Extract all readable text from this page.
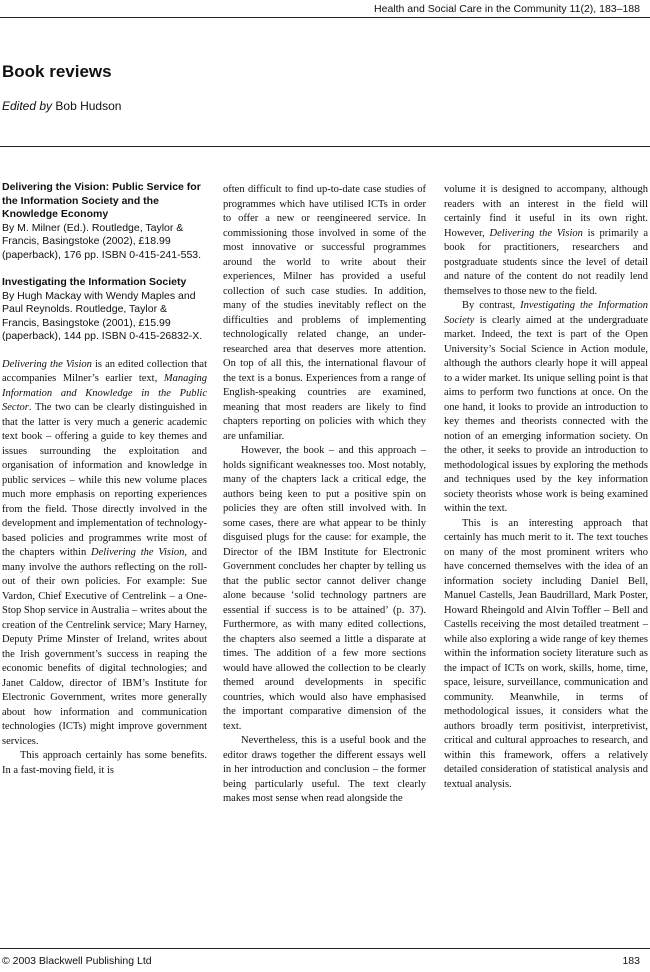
Health and Social Care in the Community 11(2), 183–188
Book reviews
Edited by Bob Hudson
Delivering the Vision: Public Service for the Information Society and the Knowledge Economy
By M. Milner (Ed.). Routledge, Taylor & Francis, Basingstoke (2002), £18.99 (paperback), 176 pp. ISBN 0-415-241-553.
Investigating the Information Society
By Hugh Mackay with Wendy Maples and Paul Reynolds. Routledge, Taylor & Francis, Basingstoke (2001), £15.99 (paperback), 144 pp. ISBN 0-415-26832-X.

Delivering the Vision is an edited collection that accompanies Milner’s earlier text, Managing Information and Knowledge in the Public Sector. The two can be clearly distinguished in that the latter is very much a generic academic text book – offering a guide to key themes and issues surrounding the exploitation and organisation of information and knowledge in public services – while this new volume places much more emphasis on reporting experiences from the field. Those directly involved in the development and implementation of technology-based policies and programmes write most of the chapters within Delivering the Vision, and many involve the authors reflecting on the roll-out of their own policies. For example: Sue Vardon, Chief Executive of Centrelink – a One-Stop Shop service in Australia – writes about the creation of the Centrelink service; Mary Harney, Deputy Prime Minster of Ireland, writes about the Irish government’s success in reaping the economic benefits of digital technologies; and Janet Caldow, director of IBM’s Institute for Electronic Government, writes more generally about how information and communication technologies (ICTs) might improve government services.

This approach certainly has some benefits. In a fast-moving field, it is

often difficult to find up-to-date case studies of programmes which have utilised ICTs in order to offer a new or reengineered service. In commissioning those involved in some of the most innovative or successful programmes around the world to write about their experiences, Milner has provided a useful collection of such case studies. In addition, many of the studies inevitably reflect on the difficulties and problems of implementing technologically related change, an under-researched area that deserves more attention. On top of all this, the international flavour of the text is a bonus. Experiences from a range of English-speaking countries are examined, meaning that most readers are likely to find chapters reporting on policies with which they are unfamiliar.

However, the book – and this approach – holds significant weaknesses too. Most notably, many of the chapters lack a critical edge, the authors being keen to put a positive spin on policies they are often still involved with. In some cases, there are what appear to be thinly disguised plugs for the cause: for example, the Director of the IBM Institute for Electronic Government concludes her chapter by telling us that the public sector cannot deliver change alone because ‘solid technology partners are essential if success is to be attained’ (p. 37). Furthermore, as with many edited collections, the chapters also seemed a little a disparate at times. The addition of a few more sections would have allowed the collection to be clearly themed around developments in specific countries, which would also have emphasised the important comparative dimension of the text.

Nevertheless, this is a useful book and the editor draws together the different essays well in her introduction and conclusion – the former being particularly useful. The text clearly makes most sense when read alongside the

volume it is designed to accompany, although readers with an interest in the field will certainly find it useful in its own right. However, Delivering the Vision is primarily a book for practitioners, researchers and postgraduate students since the level of detail and nature of the content do not readily lend themselves to those new to the field.

By contrast, Investigating the Information Society is clearly aimed at the undergraduate market. Indeed, the text is part of the Open University’s Social Science in Action module, although the authors clearly hope it will appeal to a wider market. Its unique selling point is that aims to perform two functions at once. On the one hand, it looks to provide an introduction to key themes and theorists connected with the notion of an emerging information society. On the other, it seeks to provide an introduction to methodological issues by exploring the methods and techniques used by the key information society theorists whose work is being examined within the text.

This is an interesting approach that certainly has much merit to it. The text touches on many of the most prominent writers who have concerned themselves with the idea of an information society including Daniel Bell, Manuel Castells, Jean Baudrillard, Mark Poster, Howard Rheingold and Alvin Toffler – Bell and Castells receiving the most detailed treatment – while also exploring a wide range of key themes within the information society literature such as the impact of ICTs on work, skills, home, time, space, leisure, surveillance, communication and community. Meanwhile, in terms of methodological issues, it considers what the authors broadly term positivist, interpretivist, critical and cultural approaches to research, and within this framework, offers a relatively detailed consideration of statistical analysis and textual analysis.

© 2003 Blackwell Publishing Ltd	183
